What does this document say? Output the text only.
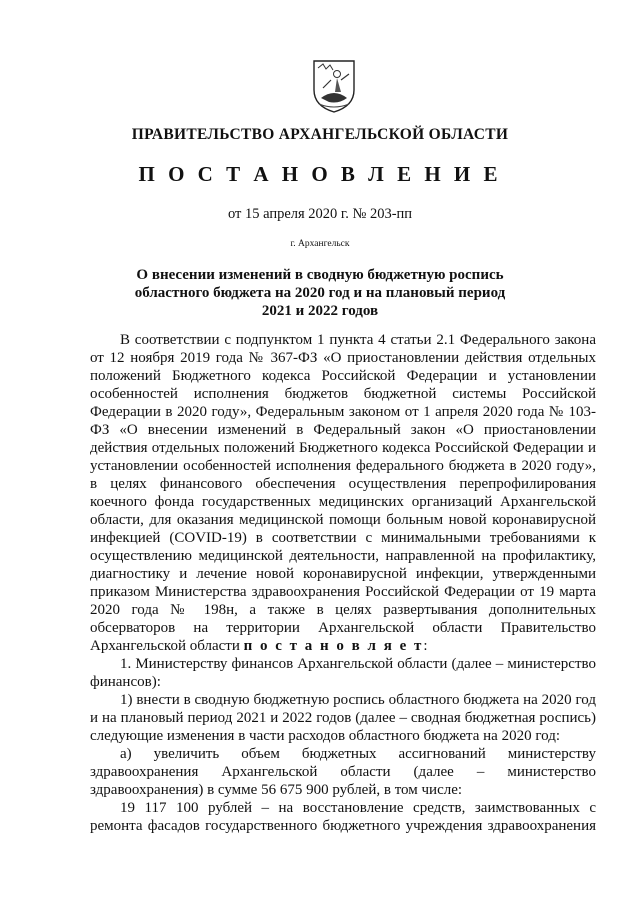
ПРАВИТЕЛЬСТВО АРХАНГЕЛЬСКОЙ ОБЛАСТИ
П О С Т А Н О В Л Е Н И Е
от 15 апреля 2020 г. № 203-пп
г. Архангельск
О внесении изменений в сводную бюджетную роспись
областного бюджета на 2020 год и на плановый период
2021 и 2022 годов

В соответствии с подпунктом 1 пункта 4 статьи 2.1 Федерального закона от 12 ноября 2019 года № 367-ФЗ «О приостановлении действия отдельных положений Бюджетного кодекса Российской Федерации и установлении особенностей исполнения бюджетов бюджетной системы Российской Федерации в 2020 году», Федеральным законом от 1 апреля 2020 года № 103-ФЗ «О внесении изменений в Федеральный закон «О приостановлении действия отдельных положений Бюджетного кодекса Российской Федерации и установлении особенностей исполнения федерального бюджета в 2020 году», в целях финансового обеспечения осуществления перепрофилирования коечного фонда государственных медицинских организаций Архангельской области, для оказания медицинской помощи больным новой коронавирусной инфекцией (COVID-19) в соответствии с минимальными требованиями к осуществлению медицинской деятельности, направленной на профилактику, диагностику и лечение новой коронавирусной инфекции, утвержденными приказом Министерства здравоохранения Российской Федерации от 19 марта 2020 года № 198н, а также в целях развертывания дополнительных обсерваторов на территории Архангельской области Правительство Архангельской области п о с т а н о в л я е т:

1. Министерству финансов Архангельской области (далее – министерство финансов):

1) внести в сводную бюджетную роспись областного бюджета на 2020 год и на плановый период 2021 и 2022 годов (далее – сводная бюджетная роспись) следующие изменения в части расходов областного бюджета на 2020 год:

а) увеличить объем бюджетных ассигнований министерству здравоохранения Архангельской области (далее – министерство здравоохранения) в сумме 56 675 900 рублей, в том числе:

19 117 100 рублей – на восстановление средств, заимствованных с ремонта фасадов государственного бюджетного учреждения здравоохранения
